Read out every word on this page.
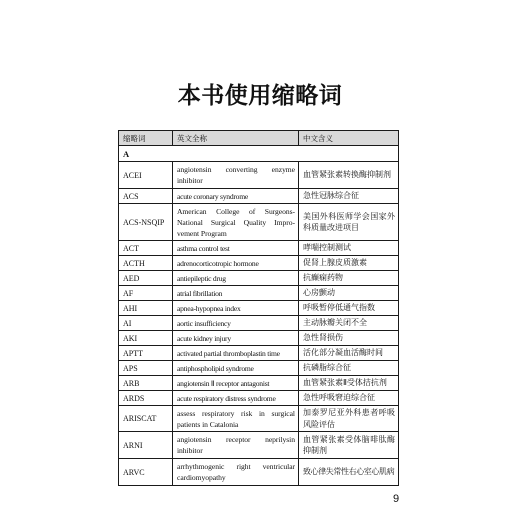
本书使用缩略词
缩略词	英文全称	中文含义
A		
ACEI	angiotensin converting enzyme inhibitor	血管紧张素转换酶抑制剂
ACS	acute coronary syndrome	急性冠脉综合征
ACS-NSQIP	American College of Surgeons-National Surgical Quality Improvement Program	美国外科医师学会国家外科质量改进项目
ACT	asthma control test	哮喘控制测试
ACTH	adrenocorticotropic hormone	促肾上腺皮质激素
AED	antiepileptic drug	抗癫痫药物
AF	atrial fibrillation	心房颤动
AHI	apnea-hypopnea index	呼吸暂停低通气指数
AI	aortic insufficiency	主动脉瓣关闭不全
AKI	acute kidney injury	急性肾损伤
APTT	activated partial thromboplastin time	活化部分凝血活酶时间
APS	antiphospholipid syndrome	抗磷脂综合征
ARB	angiotensin Ⅱ receptor antagonist	血管紧张素Ⅱ受体拮抗剂
ARDS	acute respiratory distress syndrome	急性呼吸窘迫综合征
ARISCAT	assess respiratory risk in surgical patients in Catalonia	加泰罗尼亚外科患者呼吸风险评估
ARNI	angiotensin receptor neprilysin inhibitor	血管紧张素受体脑啡肽酶抑制剂
ARVC	arrhythmogenic right ventricular cardiomyopathy	致心律失常性右心室心肌病
9
